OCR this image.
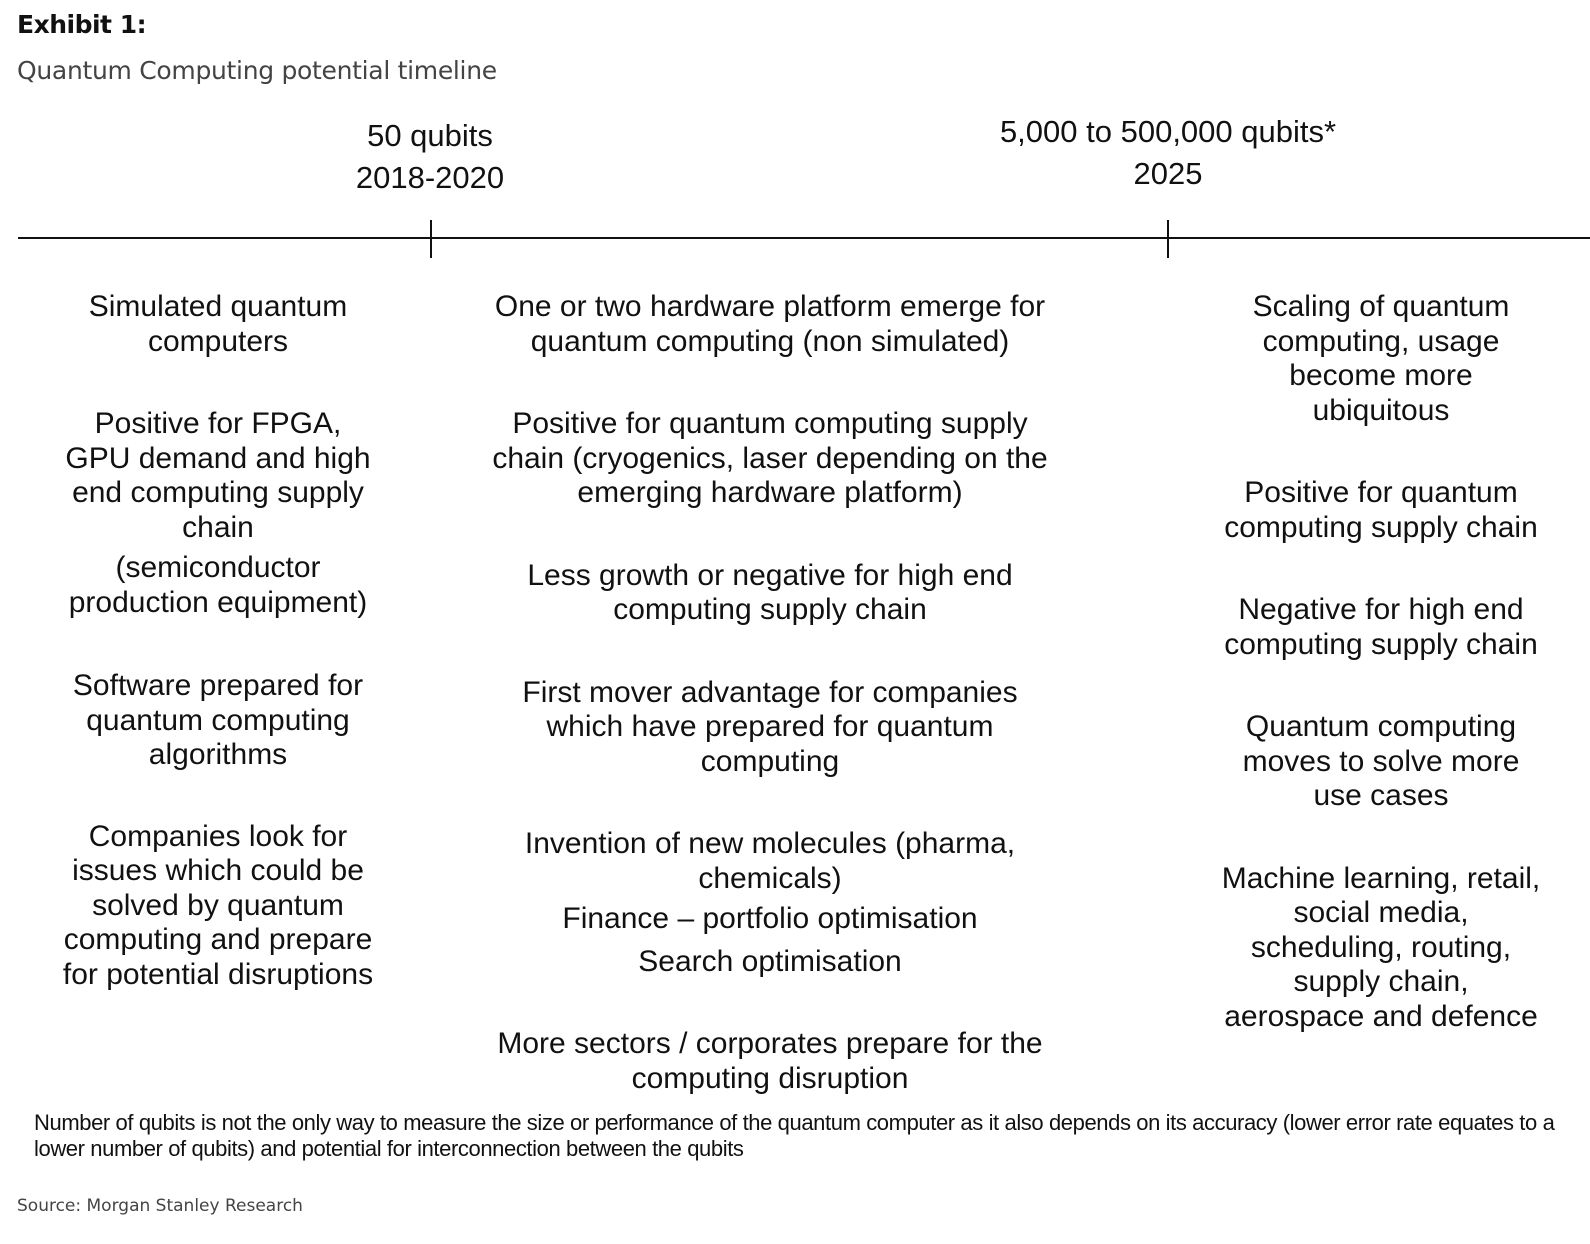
Exhibit 1:
Quantum Computing potential timeline
50 qubits
2018-2020
5,000 to 500,000 qubits*
2025
Simulated quantum
computers
Positive for FPGA,
GPU demand and high
end computing supply
chain
(semiconductor
production equipment)
Software prepared for
quantum computing
algorithms
Companies look for
issues which could be
solved by quantum
computing and prepare
for potential disruptions
One or two hardware platform emerge for
quantum computing (non simulated)
Positive for quantum computing supply
chain (cryogenics, laser depending on the
emerging hardware platform)
Less growth or negative for high end
computing supply chain
First mover advantage for companies
which have prepared for quantum
computing
Invention of new molecules (pharma,
chemicals)
Finance – portfolio optimisation
Search optimisation
More sectors / corporates prepare for the
computing disruption
Scaling of quantum
computing, usage
become more
ubiquitous
Positive for quantum
computing supply chain
Negative for high end
computing supply chain
Quantum computing
moves to solve more
use cases
Machine learning, retail,
social media,
scheduling, routing,
supply chain,
aerospace and defence
Number of qubits is not the only way to measure the size or performance of the quantum computer as it also depends on its accuracy (lower error rate equates to a lower number of qubits) and potential for interconnection between the qubits
Source: Morgan Stanley Research
